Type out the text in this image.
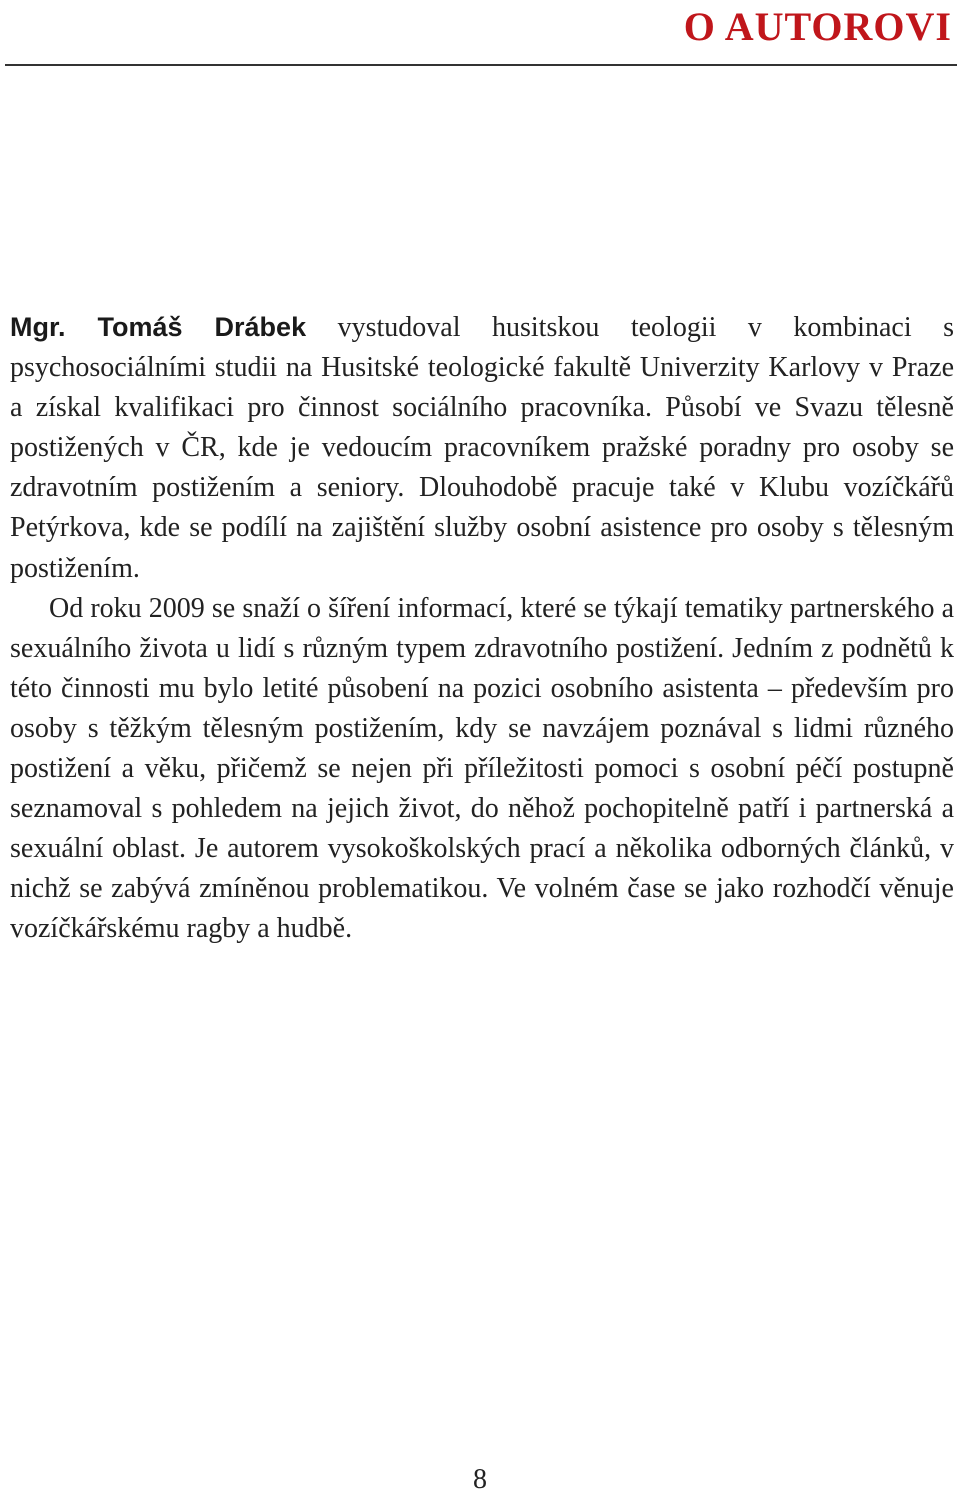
O AUTOROVI

Mgr. Tomáš Drábek vystudoval husitskou teologii v kombinaci s psychosociálními studii na Husitské teologické fakultě Univerzity Karlovy v Praze a získal kvalifikaci pro činnost sociálního pracovníka. Působí ve Svazu tělesně postižených v ČR, kde je vedoucím pracovníkem pražské poradny pro osoby se zdravotním postižením a seniory. Dlouhodobě pracuje také v Klubu vozíčkářů Petýrkova, kde se podílí na zajištění služby osobní asistence pro osoby s tělesným postižením.

Od roku 2009 se snaží o šíření informací, které se týkají tematiky partnerského a sexuálního života u lidí s různým typem zdravotního postižení. Jedním z podnětů k této činnosti mu bylo letité působení na pozici osobního asistenta – především pro osoby s těžkým tělesným postižením, kdy se navzájem poznával s lidmi různého postižení a věku, přičemž se nejen při příležitosti pomoci s osobní péčí postupně seznamoval s pohledem na jejich život, do něhož pochopitelně patří i partnerská a sexuální oblast. Je autorem vysokoškolských prací a několika odborných článků, v nichž se zabývá zmíněnou problematikou. Ve volném čase se jako rozhodčí věnuje vozíčkářskému ragby a hudbě.

8
